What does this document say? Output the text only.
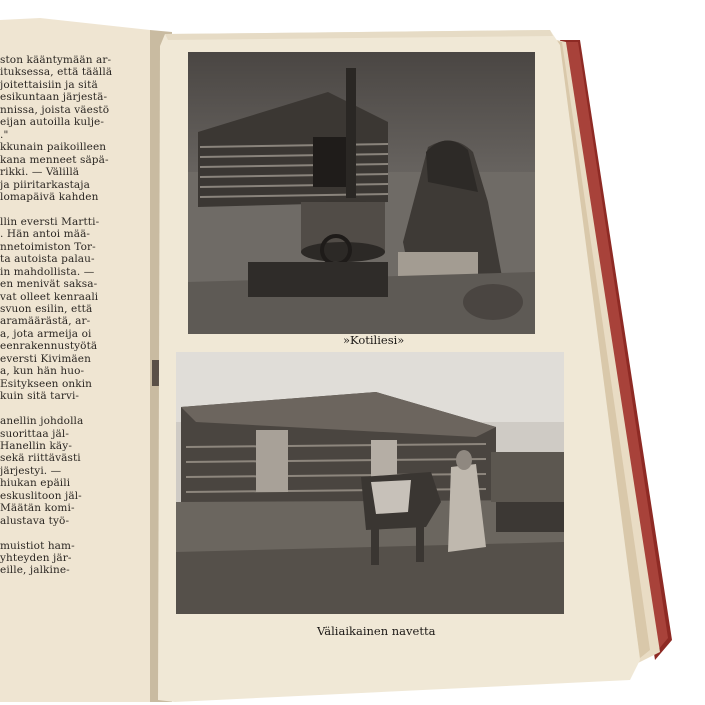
ston kääntymään ar-
ituksessa, että täällä
joitettaisiin ja sitä
esikuntaan järjestä-
nnissa, joista väestö
eijan autoilla kulje-
."
kkunain paikoilleen
kana menneet säpä-
rikki. — Välillä
ja piiritarkastaja
lomapäivä kahden
llin eversti Martti-
. Hän antoi mää-
nnetoimiston Tor-
ta autoista palau-
in mahdollista. —
en menivät saksa-
vat olleet kenraali
svuon esilin, että
aramäärästä, ar-
a, jota armeija oi
eenrakennustyötä
eversti Kivimäen
a, kun hän huo-
Esitykseen onkin
kuin sitä tarvi-
anellin johdolla
suorittaa jäl-
Hanellin käy-
sekä riittävästi
järjestyi. —
hiukan epäili
eskuslitoon jäl-
Määtän komi-
alustava työ-
muistiot ham-
yhteyden jär-
eille, jalkine-
»Kotiliesi»
Väliaikainen navetta
